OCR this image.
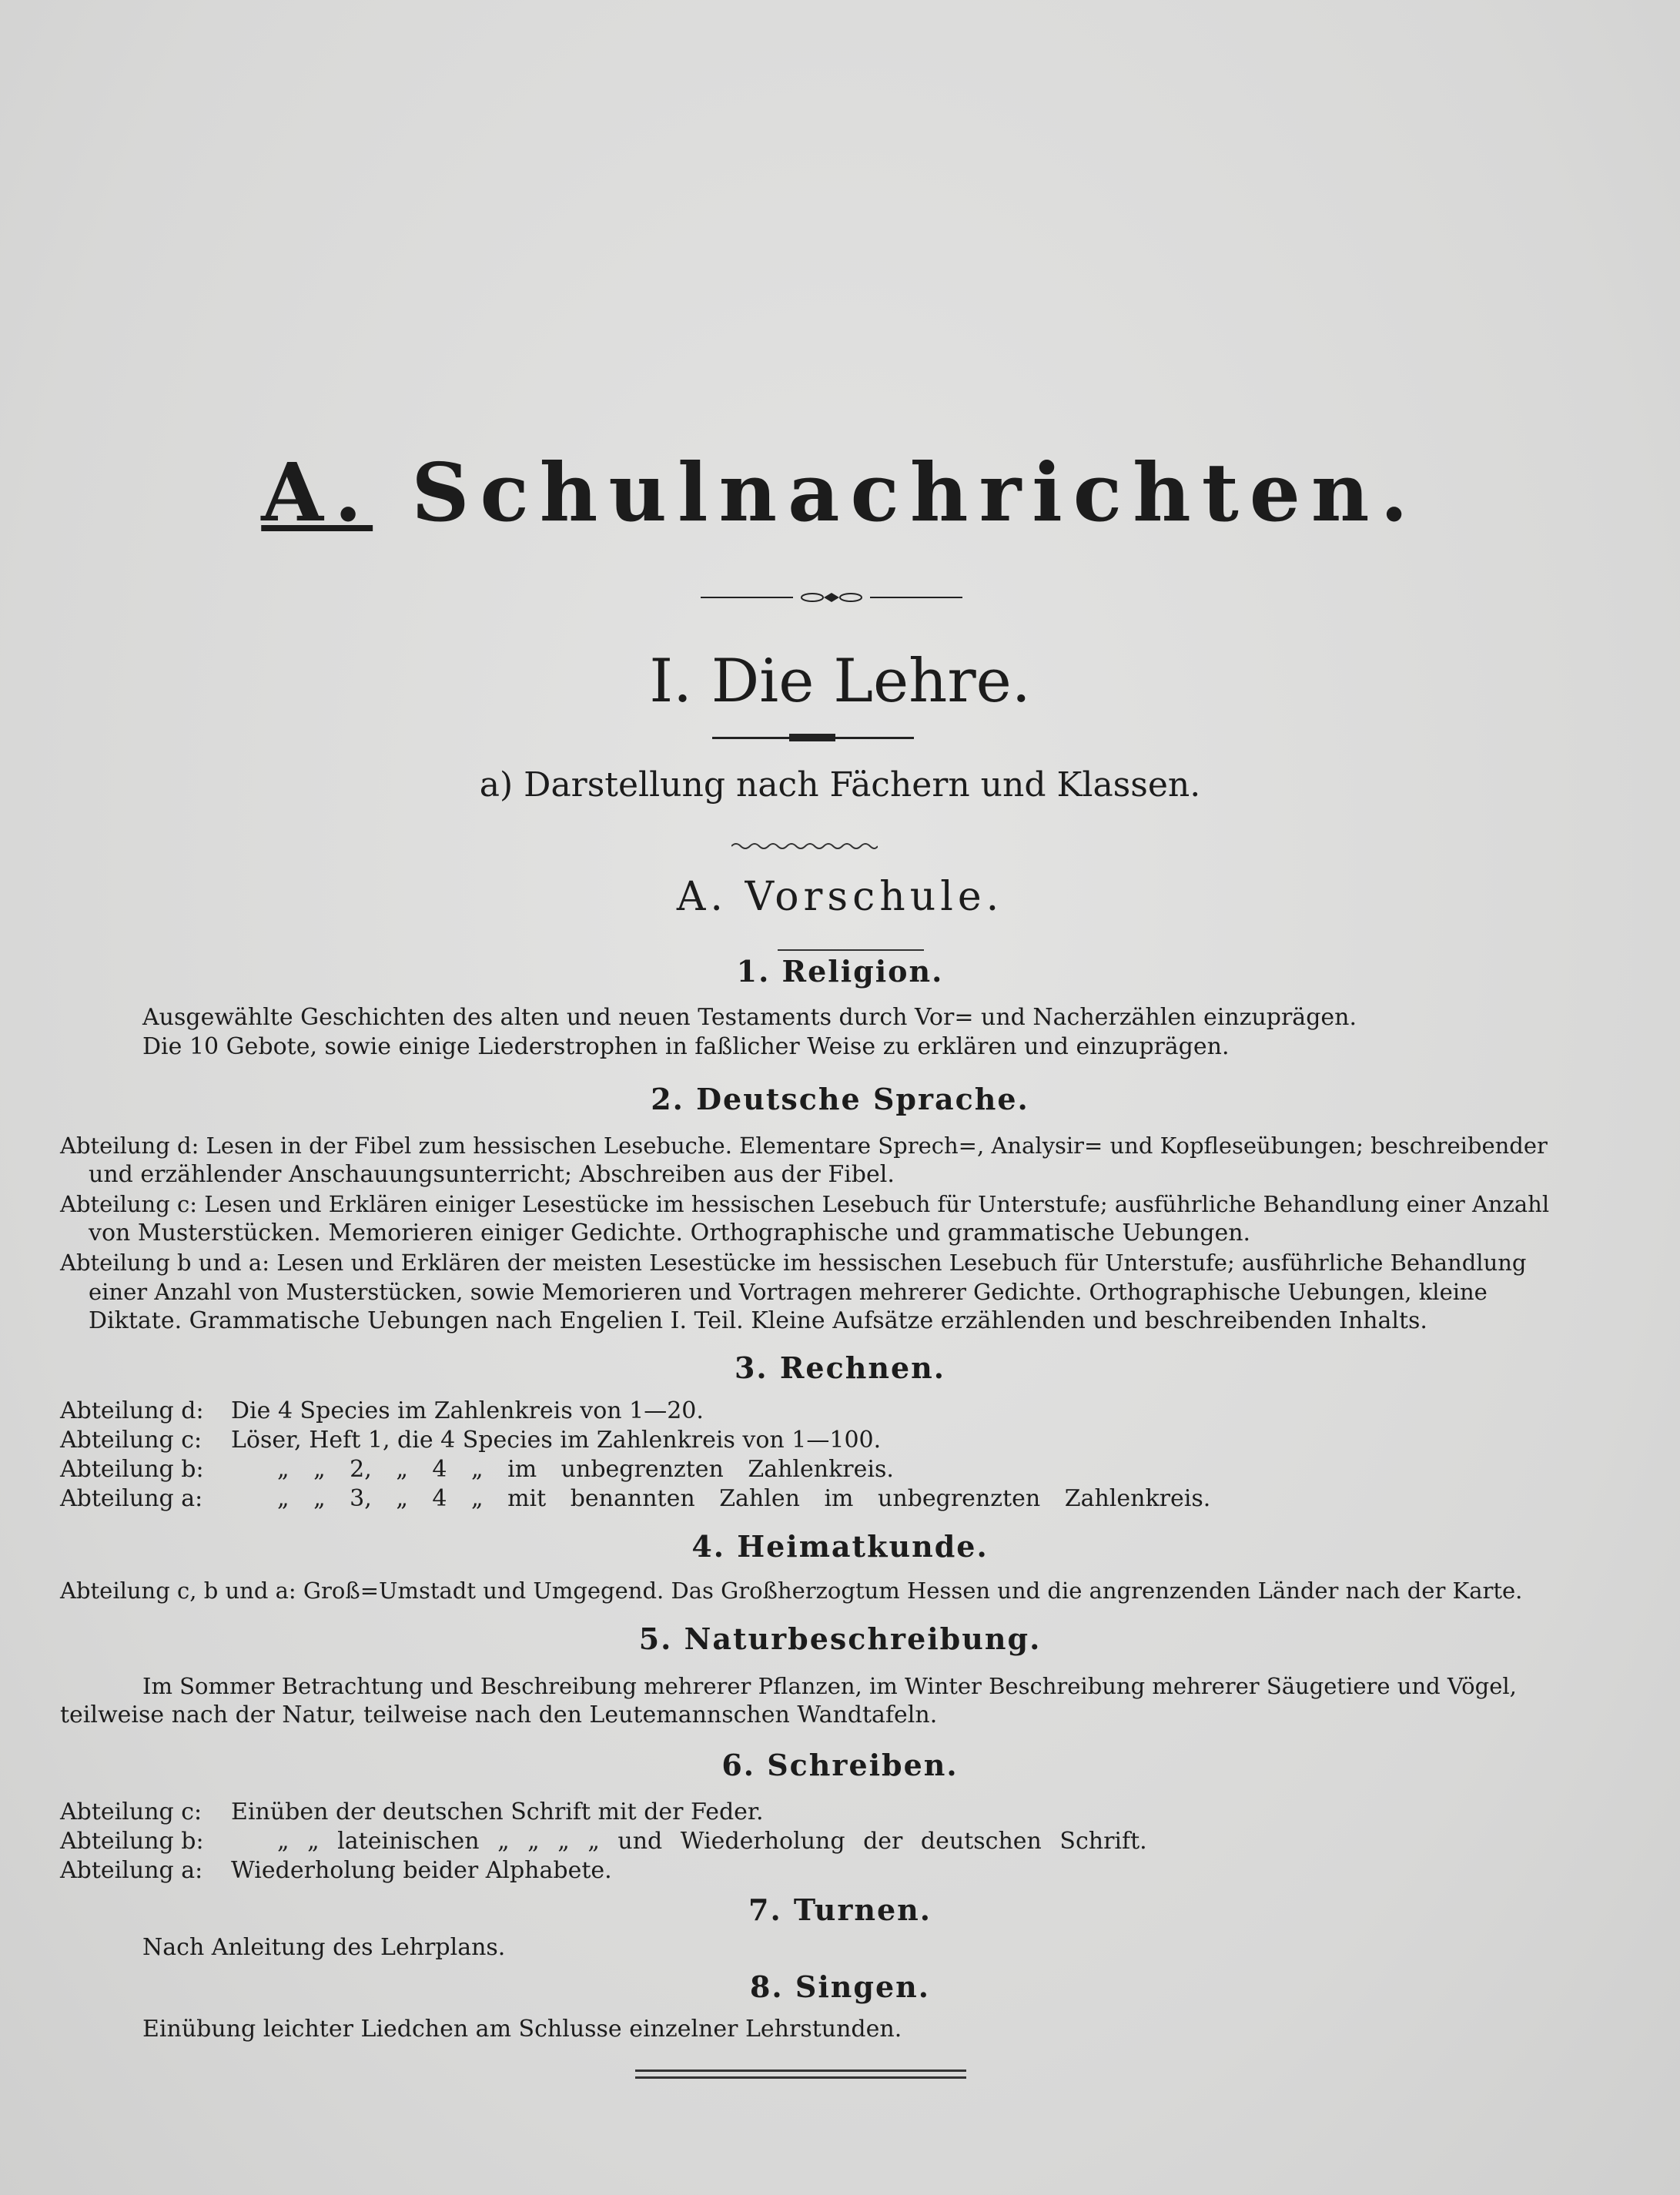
A. Schulnachrichten.
I. Die Lehre.
a) Darstellung nach Fächern und Klassen.
A. Vorschule.
1. Religion.
Ausgewählte Geschichten des alten und neuen Testaments durch Vor= und Nacherzählen einzuprägen.
Die 10 Gebote, sowie einige Liederstrophen in faßlicher Weise zu erklären und einzuprägen.
2. Deutsche Sprache.
Abteilung d: Lesen in der Fibel zum hessischen Lesebuche. Elementare Sprech=, Analysir= und Kopfleseübungen; beschreibender
und erzählender Anschauungsunterricht; Abschreiben aus der Fibel.
Abteilung c: Lesen und Erklären einiger Lesestücke im hessischen Lesebuch für Unterstufe; ausführliche Behandlung einer Anzahl
von Musterstücken. Memorieren einiger Gedichte. Orthographische und grammatische Uebungen.
Abteilung b und a: Lesen und Erklären der meisten Lesestücke im hessischen Lesebuch für Unterstufe; ausführliche Behandlung
einer Anzahl von Musterstücken, sowie Memorieren und Vortragen mehrerer Gedichte. Orthographische Uebungen, kleine
Diktate. Grammatische Uebungen nach Engelien I. Teil. Kleine Aufsätze erzählenden und beschreibenden Inhalts.
3. Rechnen.
Abteilung d: Die 4 Species im Zahlenkreis von 1—20.
Abteilung c: Löser, Heft 1, die 4 Species im Zahlenkreis von 1—100.
Abteilung b:	„ „ 2, „ 4 „ im unbegrenzten Zahlenkreis.
Abteilung a:	„ „ 3, „ 4 „ mit benannten Zahlen im unbegrenzten Zahlenkreis.
4. Heimatkunde.
Abteilung c, b und a: Groß=Umstadt und Umgegend. Das Großherzogtum Hessen und die angrenzenden Länder nach der Karte.
5. Naturbeschreibung.
Im Sommer Betrachtung und Beschreibung mehrerer Pflanzen, im Winter Beschreibung mehrerer Säugetiere und Vögel,
teilweise nach der Natur, teilweise nach den Leutemannschen Wandtafeln.
6. Schreiben.
Abteilung c: Einüben der deutschen Schrift mit der Feder.
Abteilung b:	„ „ lateinischen „ „ „ „ und Wiederholung der deutschen Schrift.
Abteilung a: Wiederholung beider Alphabete.
7. Turnen.
Nach Anleitung des Lehrplans.
8. Singen.
Einübung leichter Liedchen am Schlusse einzelner Lehrstunden.
